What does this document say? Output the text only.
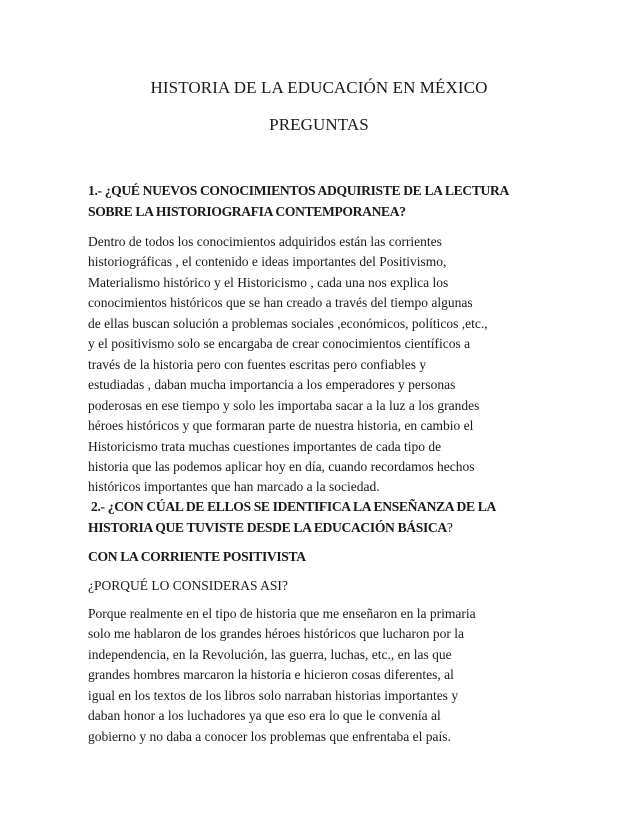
HISTORIA DE LA EDUCACIÓN EN MÉXICO
PREGUNTAS
1.- ¿QUÉ NUEVOS CONOCIMIENTOS ADQUIRISTE DE LA LECTURA
SOBRE LA HISTORIOGRAFIA CONTEMPORANEA?
Dentro de todos los conocimientos adquiridos están las corrientes
historiográficas , el contenido e ideas importantes del Positivismo,
Materialismo histórico y el Historicismo , cada una nos explica los
conocimientos históricos que se han creado a través del tiempo algunas
de ellas buscan solución a problemas sociales ,económicos, políticos ,etc.,
y el positivismo solo se encargaba de crear conocimientos científicos a
través de la historia pero con fuentes escritas pero confiables y
estudiadas , daban mucha importancia a los emperadores y personas
poderosas en ese tiempo y solo les importaba sacar a la luz a los grandes
héroes históricos y que formaran parte de nuestra historia, en cambio el
Historicismo trata muchas cuestiones importantes de cada tipo de
historia que las podemos aplicar hoy en día, cuando recordamos hechos
históricos importantes que han marcado a la sociedad.
2.- ¿CON CÚAL DE ELLOS SE IDENTIFICA LA ENSEÑANZA DE LA
HISTORIA QUE TUVISTE DESDE LA EDUCACIÓN BÁSICA?
CON LA CORRIENTE POSITIVISTA
¿PORQUÉ LO CONSIDERAS ASI?
Porque realmente en el tipo de historia que me enseñaron en la primaria
solo me hablaron de los grandes héroes históricos que lucharon por la
independencia, en la Revolución, las guerra, luchas, etc., en las que
grandes hombres marcaron la historia e hicieron cosas diferentes, al
igual en los textos de los libros solo narraban historias importantes y
daban honor a los luchadores ya que eso era lo que le convenía al
gobierno y no daba a conocer los problemas que enfrentaba el país.
